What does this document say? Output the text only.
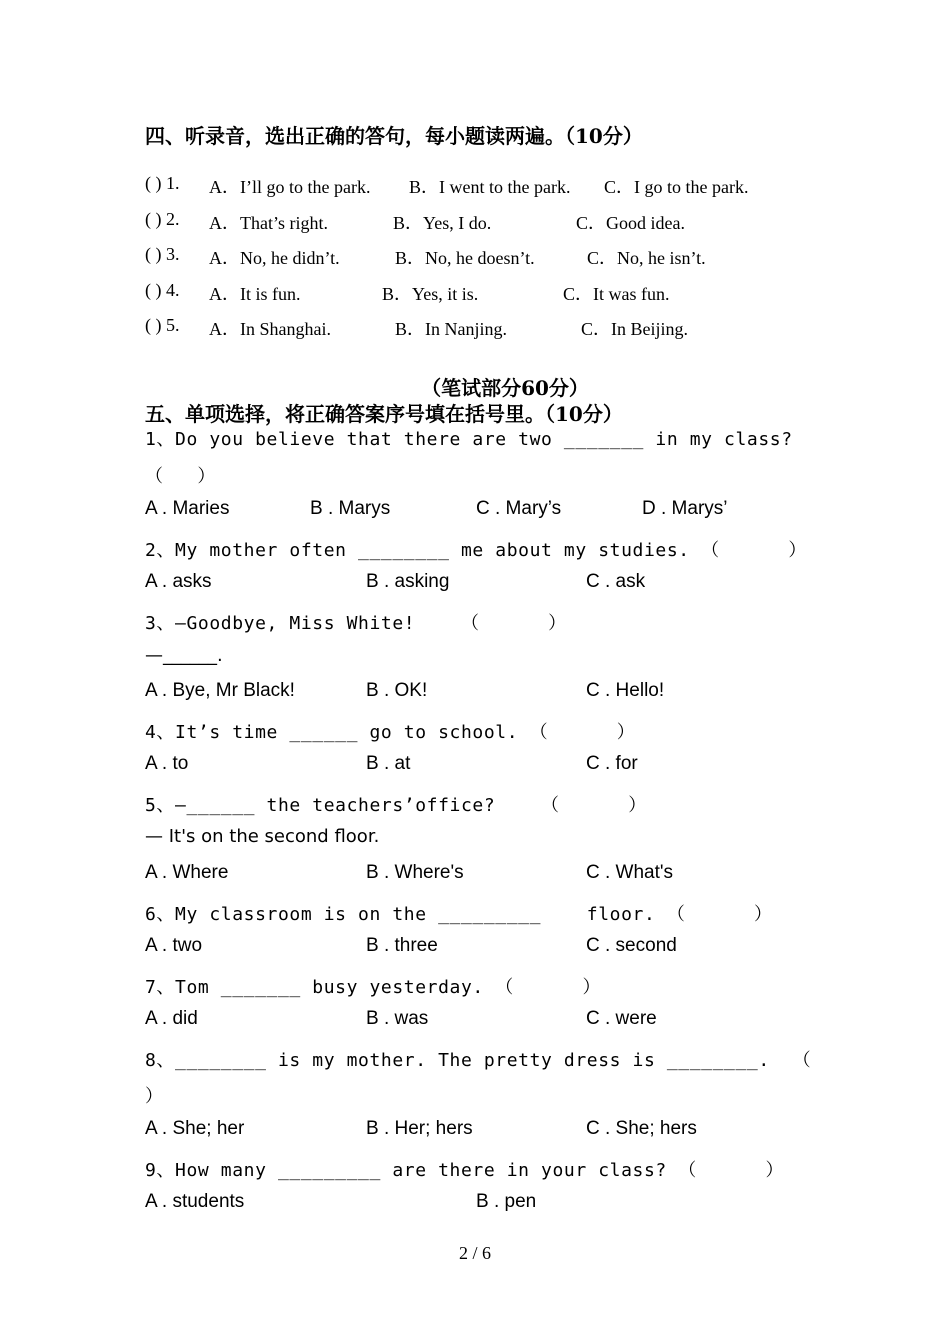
四、听录音，选出正确的答句，每小题读两遍。（10分）
( ) 1. A．I’ll go to the park. B．I went to the park. C．I go to the park.
( ) 2. A．That’s right.	B．Yes, I do.	C．Good idea.
( ) 3. A．No, he didn’t.	B．No, he doesn’t.	C．No, he isn’t.
( ) 4. A．It is fun.	B．Yes, it is.	C．It was fun.
( ) 5. A．In Shanghai.	B．In Nanjing.	C．In Beijing.
（笔试部分60分）
五、单项选择，将正确答案序号填在括号里。（10分）
1、Do you believe that there are two _______ in my class?
（      ）
A . Maries	B . Marys	C . Mary’s	D . Marys’
2、My mother often ________ me about my studies. （      ）
A . asks	B . asking	C . ask
3、—Goodbye, Miss White!    （      ）
—______.
A . Bye, Mr Black!	B . OK!	C . Hello!
4、It’s time ______ go to school. （      ）
A . to	B . at	C . for
5、—______ the teachers’office?    （      ）
— It's on the second floor.
A . Where	B . Where's	C . What's
6、My classroom is on the _________    floor. （      ）
A . two	B . three	C . second
7、Tom _______ busy yesterday. （      ）
A . did	B . was	C . were
8、________ is my mother. The pretty dress is ________.  （
）
A . She; her	B . Her; hers	C . She; hers
9、How many _________ are there in your class? （      ）
A . students	B . pen
2 / 6
